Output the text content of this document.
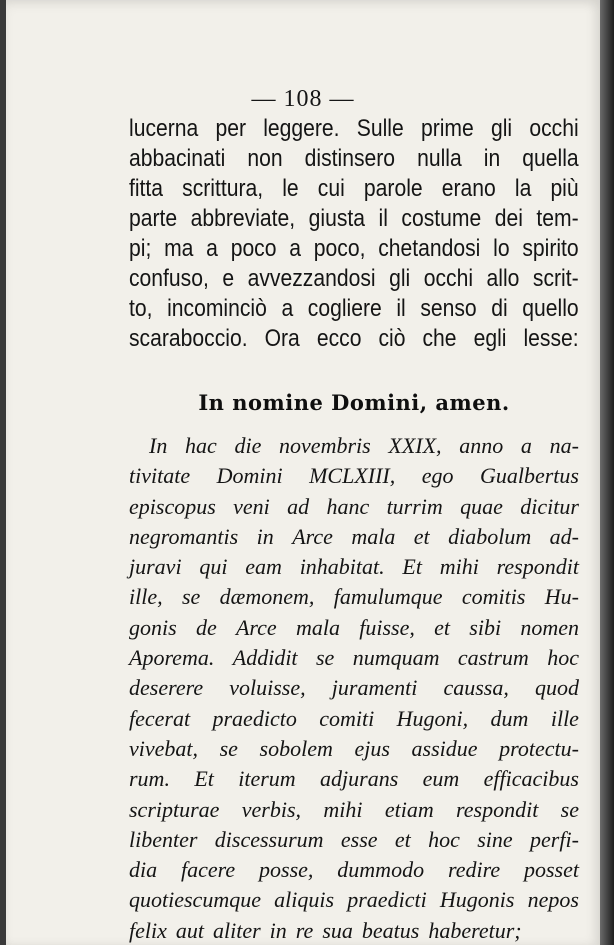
— 108 —
lucerna per leggere. Sulle prime gli occhi
abbacinati non distinsero nulla in quella
fitta scrittura, le cui parole erano la più
parte abbreviate, giusta il costume dei tem-
pi; ma a poco a poco, chetandosi lo spirito
confuso, e avvezzandosi gli occhi allo scrit-
to, incominciò a cogliere il senso di quello
scaraboccio. Ora ecco ciò che egli lesse:
In nomine Domini, amen.
In hac die novembris XXIX, anno a na-
tivitate Domini MCLXIII, ego Gualbertus
episcopus veni ad hanc turrim quae dicitur
negromantis in Arce mala et diabolum ad-
juravi qui eam inhabitat. Et mihi respondit
ille, se dæmonem, famulumque comitis Hu-
gonis de Arce mala fuisse, et sibi nomen
Aporema. Addidit se numquam castrum hoc
deserere voluisse, juramenti caussa, quod
fecerat praedicto comiti Hugoni, dum ille
vivebat, se sobolem ejus assidue protectu-
rum. Et iterum adjurans eum efficacibus
scripturae verbis, mihi etiam respondit se
libenter discessurum esse et hoc sine perfi-
dia facere posse, dummodo redire posset
quotiescumque aliquis praedicti Hugonis nepos
felix aut aliter in re sua beatus haberetur;
